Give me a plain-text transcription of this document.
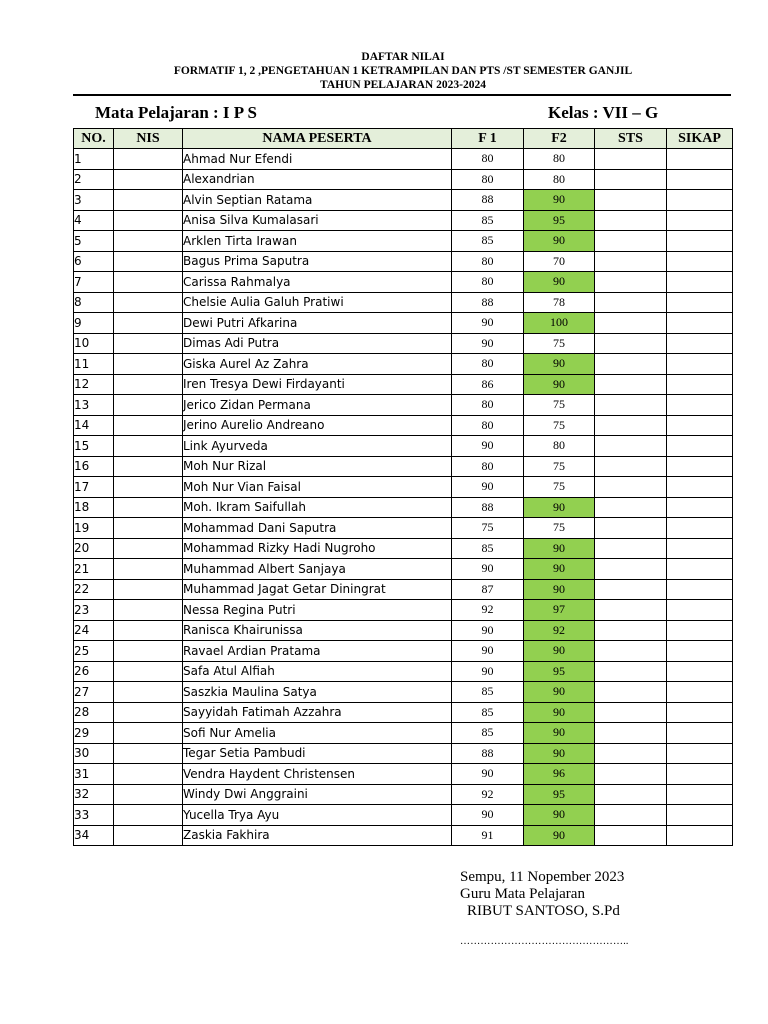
DAFTAR NILAI
FORMATIF 1, 2 ,PENGETAHUAN 1 KETRAMPILAN DAN PTS /ST SEMESTER GANJIL
TAHUN PELAJARAN 2023-2024
Mata Pelajaran : I P S	Kelas : VII – G
NO.	NIS	NAMA PESERTA	F 1	F2	STS	SIKAP
1		Ahmad Nur Efendi	80	80		
2		Alexandrian	80	80		
3		Alvin Septian Ratama	88	90		
4		Anisa Silva Kumalasari	85	95		
5		Arklen Tirta Irawan	85	90		
6		Bagus Prima Saputra	80	70		
7		Carissa Rahmalya	80	90		
8		Chelsie Aulia Galuh Pratiwi	88	78		
9		Dewi Putri Afkarina	90	100		
10		Dimas Adi Putra	90	75		
11		Giska Aurel Az Zahra	80	90		
12		Iren Tresya Dewi Firdayanti	86	90		
13		Jerico Zidan Permana	80	75		
14		Jerino Aurelio Andreano	80	75		
15		Link Ayurveda	90	80		
16		Moh Nur Rizal	80	75		
17		Moh Nur Vian Faisal	90	75		
18		Moh. Ikram Saifullah	88	90		
19		Mohammad Dani Saputra	75	75		
20		Mohammad Rizky Hadi Nugroho	85	90		
21		Muhammad Albert Sanjaya	90	90		
22		Muhammad Jagat Getar Diningrat	87	90		
23		Nessa Regina Putri	92	97		
24		Ranisca Khairunissa	90	92		
25		Ravael Ardian Pratama	90	90		
26		Safa Atul Alfiah	90	95		
27		Saszkia Maulina Satya	85	90		
28		Sayyidah Fatimah Azzahra	85	90		
29		Sofi Nur Amelia	85	90		
30		Tegar Setia Pambudi	88	90		
31		Vendra Haydent Christensen	90	96		
32		Windy Dwi Anggraini	92	95		
33		Yucella Trya Ayu	90	90		
34		Zaskia Fakhira	91	90		
Sempu, 11 Nopember 2023
Guru Mata Pelajaran
RIBUT SANTOSO, S.Pd
…………………………………………..
